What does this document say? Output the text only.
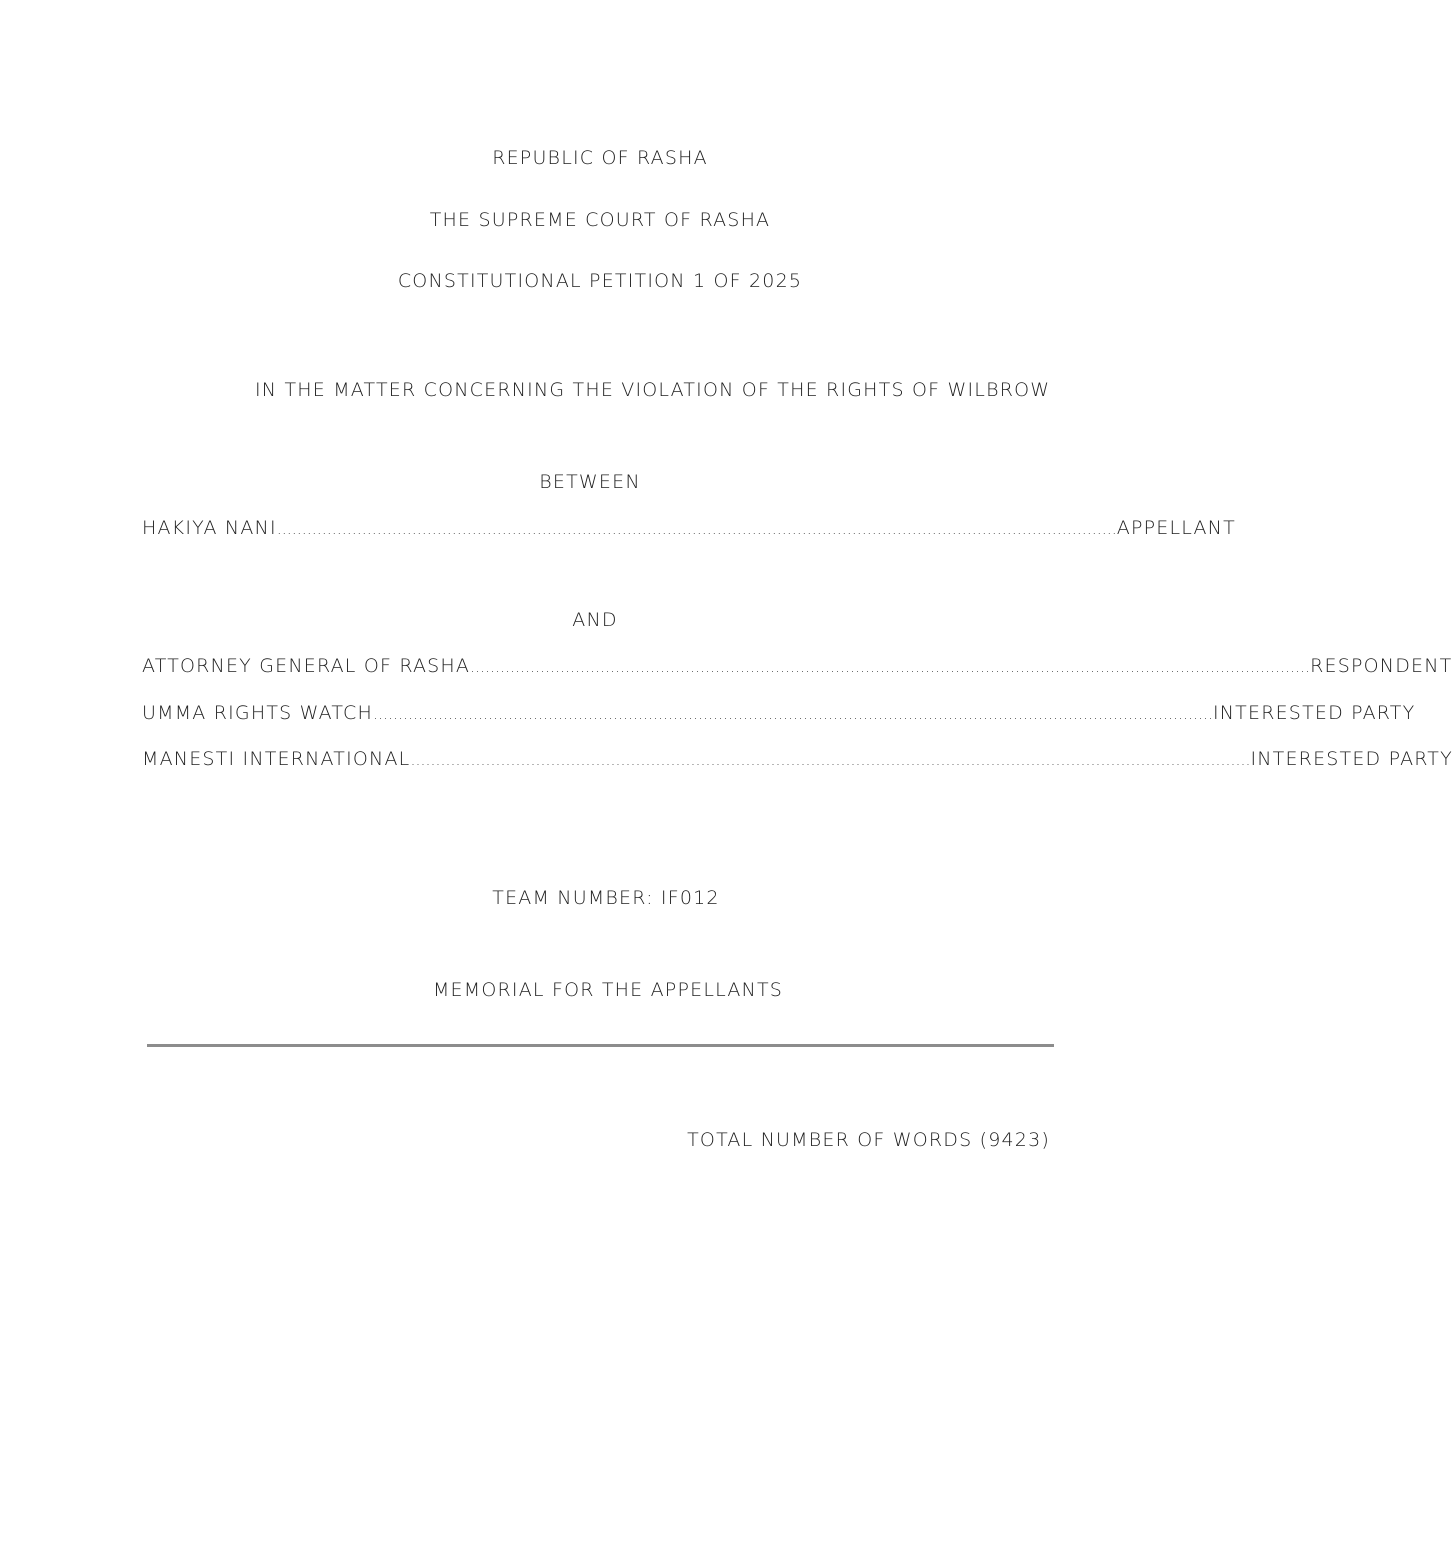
REPUBLIC OF RASHA
THE SUPREME COURT OF RASHA
CONSTITUTIONAL PETITION 1 OF 2025
IN THE MATTER CONCERNING THE VIOLATION OF THE RIGHTS OF WILBROW
BETWEEN
HAKIYA NANI …………………………………………………………………………………………………………………………………………………… APPELLANT
AND
ATTORNEY GENERAL OF RASHA …………………………………………………………………………………………………………………………………………………… RESPONDENT
UMMA RIGHTS WATCH …………………………………………………………………………………………………………………………………………………… INTERESTED PARTY
MANESTI INTERNATIONAL …………………………………………………………………………………………………………………………………………………… INTERESTED PARTY
TEAM NUMBER: IF012
MEMORIAL FOR THE APPELLANTS
TOTAL NUMBER OF WORDS (9423)
